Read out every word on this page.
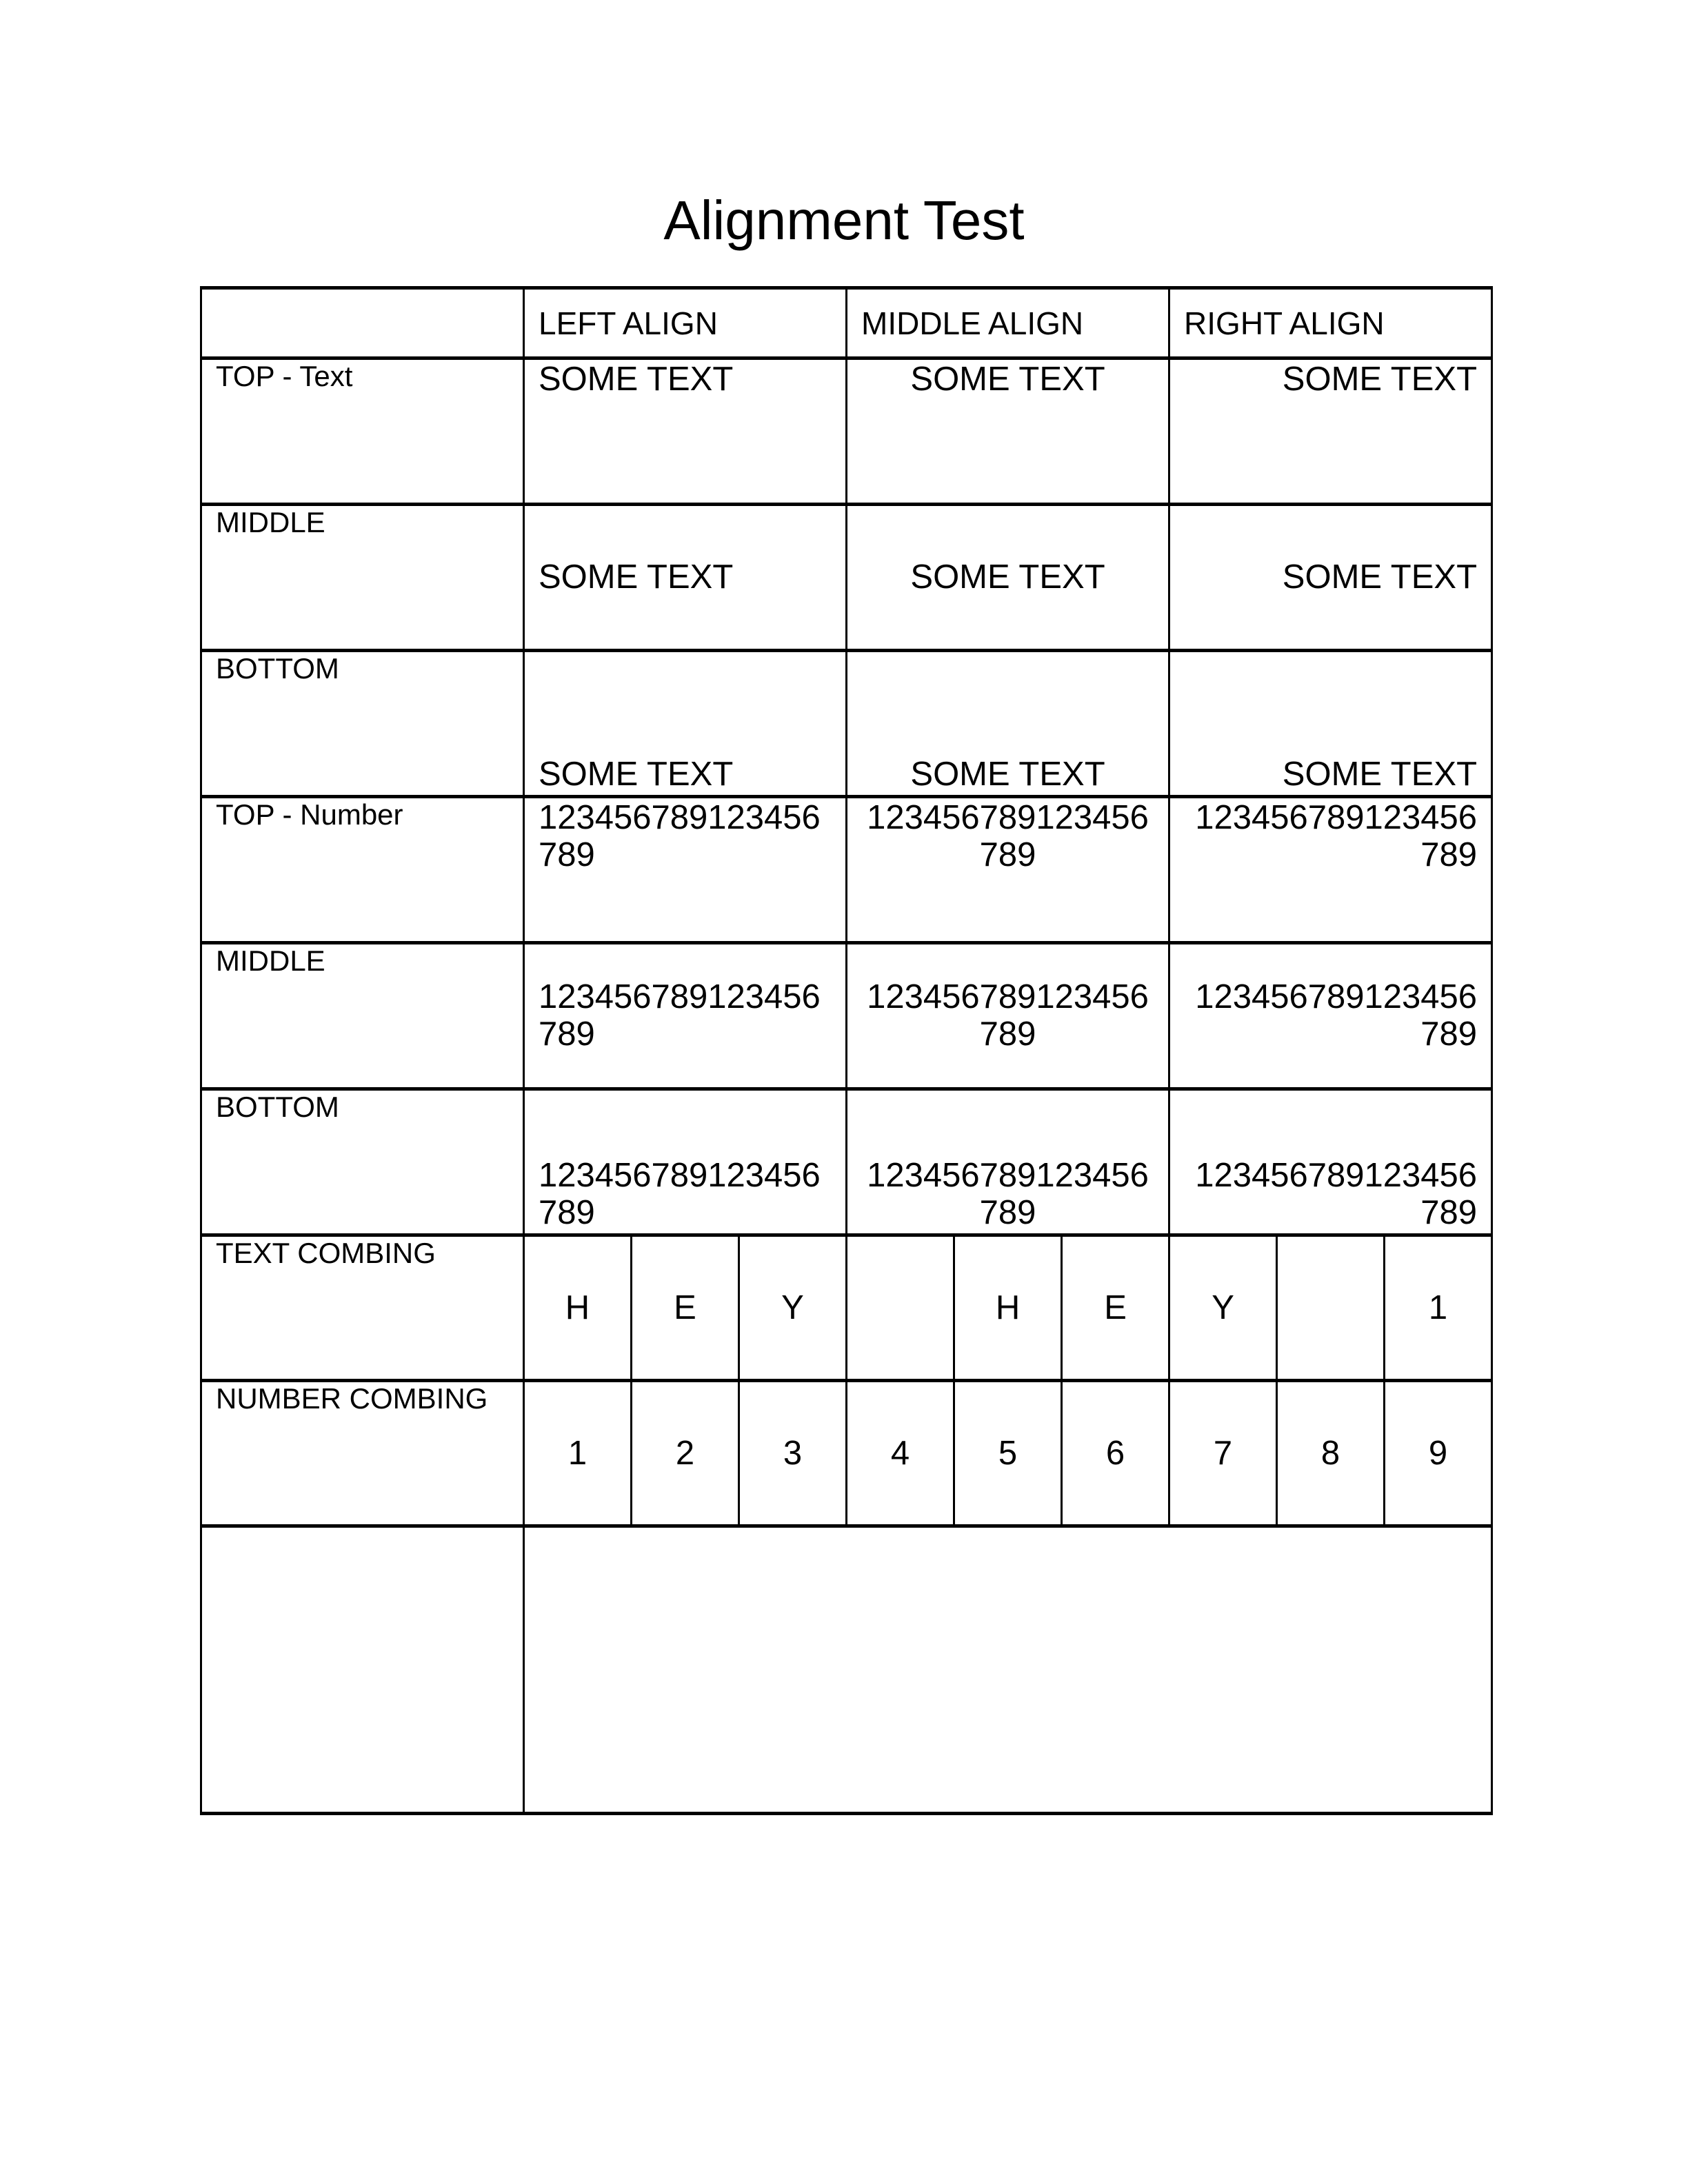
Alignment Test
	LEFT ALIGN			MIDDLE ALIGN			RIGHT ALIGN		
TOP - Text	SOME TEXT			SOME TEXT			SOME TEXT		
MIDDLE	SOME TEXT			SOME TEXT			SOME TEXT		
BOTTOM	SOME TEXT			SOME TEXT			SOME TEXT		
TOP - Number	123456789123456789			123456789123456789			123456789123456789		
MIDDLE	123456789123456789			123456789123456789			123456789123456789		
BOTTOM	123456789123456789			123456789123456789			123456789123456789		
TEXT COMBING	H	E	Y		H	E	Y		1
NUMBER COMBING	1	2	3	4	5	6	7	8	9
